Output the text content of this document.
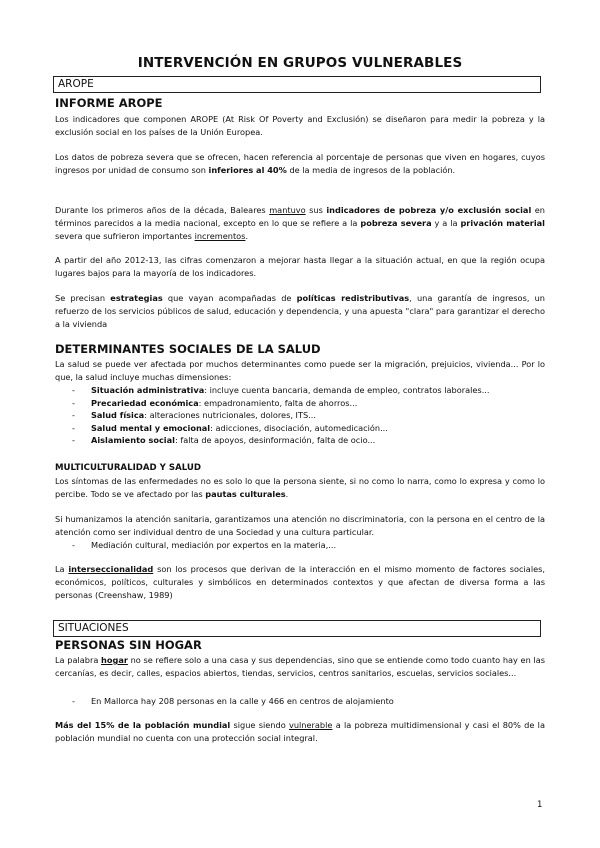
INTERVENCIÓN EN GRUPOS VULNERABLES
AROPE
INFORME AROPE
Los indicadores que componen AROPE (At Risk Of Poverty and Exclusión) se diseñaron para medir la pobreza y la exclusión social en los países de la Unión Europea.
Los datos de pobreza severa que se ofrecen, hacen referencia al porcentaje de personas que viven en hogares, cuyos ingresos por unidad de consumo son inferiores al 40% de la media de ingresos de la población.
Durante los primeros años de la década, Baleares mantuvo sus indicadores de pobreza y/o exclusión social en términos parecidos a la media nacional, excepto en lo que se refiere a la pobreza severa y a la privación material severa que sufrieron importantes incrementos.
A partir del año 2012-13, las cifras comenzaron a mejorar hasta llegar a la situación actual, en que la región ocupa lugares bajos para la mayoría de los indicadores.
Se precisan estrategias que vayan acompañadas de políticas redistributivas, una garantía de ingresos, un refuerzo de los servicios públicos de salud, educación y dependencia, y una apuesta "clara" para garantizar el derecho a la vivienda
DETERMINANTES SOCIALES DE LA SALUD
La salud se puede ver afectada por muchos determinantes como puede ser la migración, prejuicios, vivienda... Por lo que, la salud incluye muchas dimensiones:
- Situación administrativa: incluye cuenta bancaria, demanda de empleo, contratos laborales...
- Precariedad económica: empadronamiento, falta de ahorros...
- Salud física: alteraciones nutricionales, dolores, ITS...
- Salud mental y emocional: adicciones, disociación, automedicación...
- Aislamiento social: falta de apoyos, desinformación, falta de ocio...
MULTICULTURALIDAD Y SALUD
Los síntomas de las enfermedades no es solo lo que la persona siente, si no como lo narra, como lo expresa y como lo percibe. Todo se ve afectado por las pautas culturales.
Si humanizamos la atención sanitaria, garantizamos una atención no discriminatoria, con la persona en el centro de la atención como ser individual dentro de una Sociedad y una cultura particular.
- Mediación cultural, mediación por expertos en la materia,...
La interseccionalidad son los procesos que derivan de la interacción en el mismo momento de factores sociales, económicos, políticos, culturales y simbólicos en determinados contextos y que afectan de diversa forma a las personas (Creenshaw, 1989)
SITUACIONES
PERSONAS SIN HOGAR
La palabra hogar no se refiere solo a una casa y sus dependencias, sino que se entiende como todo cuanto hay en las cercanías, es decir, calles, espacios abiertos, tiendas, servicios, centros sanitarios, escuelas, servicios sociales...
- En Mallorca hay 208 personas en la calle y 466 en centros de alojamiento
Más del 15% de la población mundial sigue siendo vulnerable a la pobreza multidimensional y casi el 80% de la población mundial no cuenta con una protección social integral.
1
